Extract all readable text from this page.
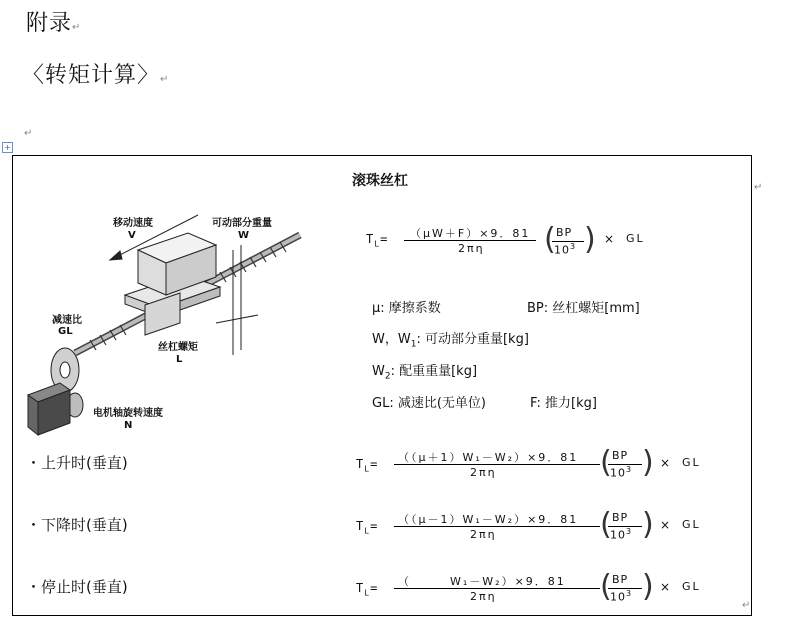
附录↵
〈转矩计算〉↵
↵
+
↵
↵
滚珠丝杠
移动速度
V
可动部分重量
W
减速比
GL
丝杠螺矩
L
电机轴旋转速度
N
$T_L= (\mu W+F)\times 9$．81
2πη ( BP
$10^3$ ) × GL
μ: 摩擦系数	BP: 丝杠螺矩[mm]
W，$W_1$: 可动部分重量[kg]
$W_2$: 配重重量[kg]
GL: 减速比(无单位)	F: 推力[kg]
・上升时(垂直)	$T_L= ((\mu+1)W_1-W_2)\times 9$．81
2πη	( BP
$10^3$ ) × GL
・下降时(垂直)	$T_L= ((\mu-1)W_1-W_2)\times 9$．81
2πη	( BP
$10^3$ ) × GL
・停止时(垂直)	$T_L=$ （　　　W₁－W₂）×9．81
2πη	( BP
$10^3$ ) × GL
